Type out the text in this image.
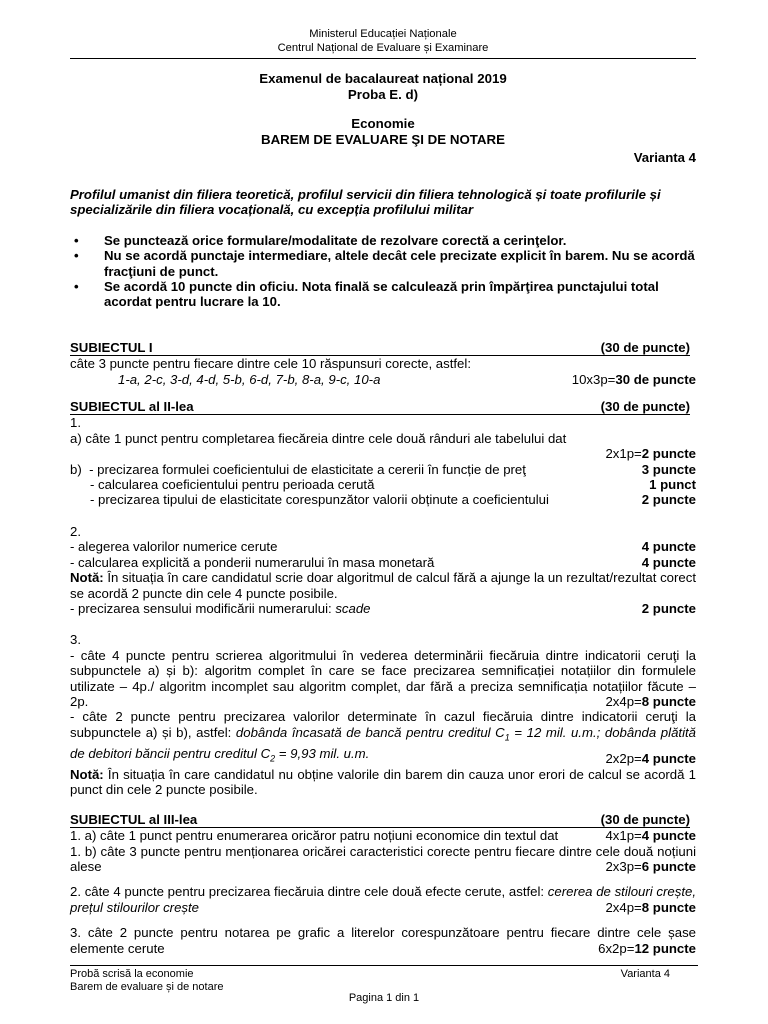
Ministerul Educației Naționale
Centrul Național de Evaluare și Examinare
Examenul de bacalaureat național 2019
Proba E. d)
Economie
BAREM DE EVALUARE ŞI DE NOTARE
Varianta 4
Profilul umanist din filiera teoretică, profilul servicii din filiera tehnologică și toate profilurile și specializările din filiera vocațională, cu excepția profilului militar
• Se punctează orice formulare/modalitate de rezolvare corectă a cerinţelor.
• Nu se acordă punctaje intermediare, altele decât cele precizate explicit în barem. Nu se acordă fracţiuni de punct.
• Se acordă 10 puncte din oficiu. Nota finală se calculează prin împărţirea punctajului total acordat pentru lucrare la 10.
SUBIECTUL I	(30 de puncte)
câte 3 puncte pentru fiecare dintre cele 10 răspunsuri corecte, astfel:
1-a, 2-c, 3-d, 4-d, 5-b, 6-d, 7-b, 8-a, 9-c, 10-a	10x3p=30 de puncte
SUBIECTUL al II-lea	(30 de puncte)
1.
a) câte 1 punct pentru completarea fiecăreia dintre cele două rânduri ale tabelului dat
2x1p=2 puncte
b) - precizarea formulei coeficientului de elasticitate a cererii în funcție de preţ	3 puncte
- calcularea coeficientului pentru perioada cerută	1 punct
- precizarea tipului de elasticitate corespunzător valorii obținute a coeficientului	2 puncte
2.
- alegerea valorilor numerice cerute	4 puncte
- calcularea explicită a ponderii numerarului în masa monetară	4 puncte
Notă: În situația în care candidatul scrie doar algoritmul de calcul fără a ajunge la un rezultat/rezultat corect se acordă 2 puncte din cele 4 puncte posibile.
- precizarea sensului modificării numerarului: scade	2 puncte
3.
- câte 4 puncte pentru scrierea algoritmului în vederea determinării fiecăruia dintre indicatorii ceruţi la subpunctele a) și b): algoritm complet în care se face precizarea semnificației notațiilor din formulele utilizate – 4p./ algoritm incomplet sau algoritm complet, dar fără a preciza semnificația notațiilor făcute – 2p.	2x4p=8 puncte
- câte 2 puncte pentru precizarea valorilor determinate în cazul fiecăruia dintre indicatorii ceruţi la subpunctele a) și b), astfel: dobânda încasată de bancă pentru creditul $C_1 = 12$ mil. u.m.; dobânda plătită de debitori băncii pentru creditul $C_2 = 9,93$ mil. u.m.	2x2p=4 puncte
Notă: În situația în care candidatul nu obține valorile din barem din cauza unor erori de calcul se acordă 1 punct din cele 2 puncte posibile.
SUBIECTUL al III-lea	(30 de puncte)
1. a) câte 1 punct pentru enumerarea oricăror patru noțiuni economice din textul dat	4x1p=4 puncte
1. b) câte 3 puncte pentru menționarea oricărei caracteristici corecte pentru fiecare dintre cele două noțiuni alese	2x3p=6 puncte
2. câte 4 puncte pentru precizarea fiecăruia dintre cele două efecte cerute, astfel: cererea de stilouri crește, prețul stilourilor crește	2x4p=8 puncte
3. câte 2 puncte pentru notarea pe grafic a literelor corespunzătoare pentru fiecare dintre cele șase elemente cerute	6x2p=12 puncte
Probă scrisă la economie	Varianta 4
Barem de evaluare și de notare
Pagina 1 din 1
